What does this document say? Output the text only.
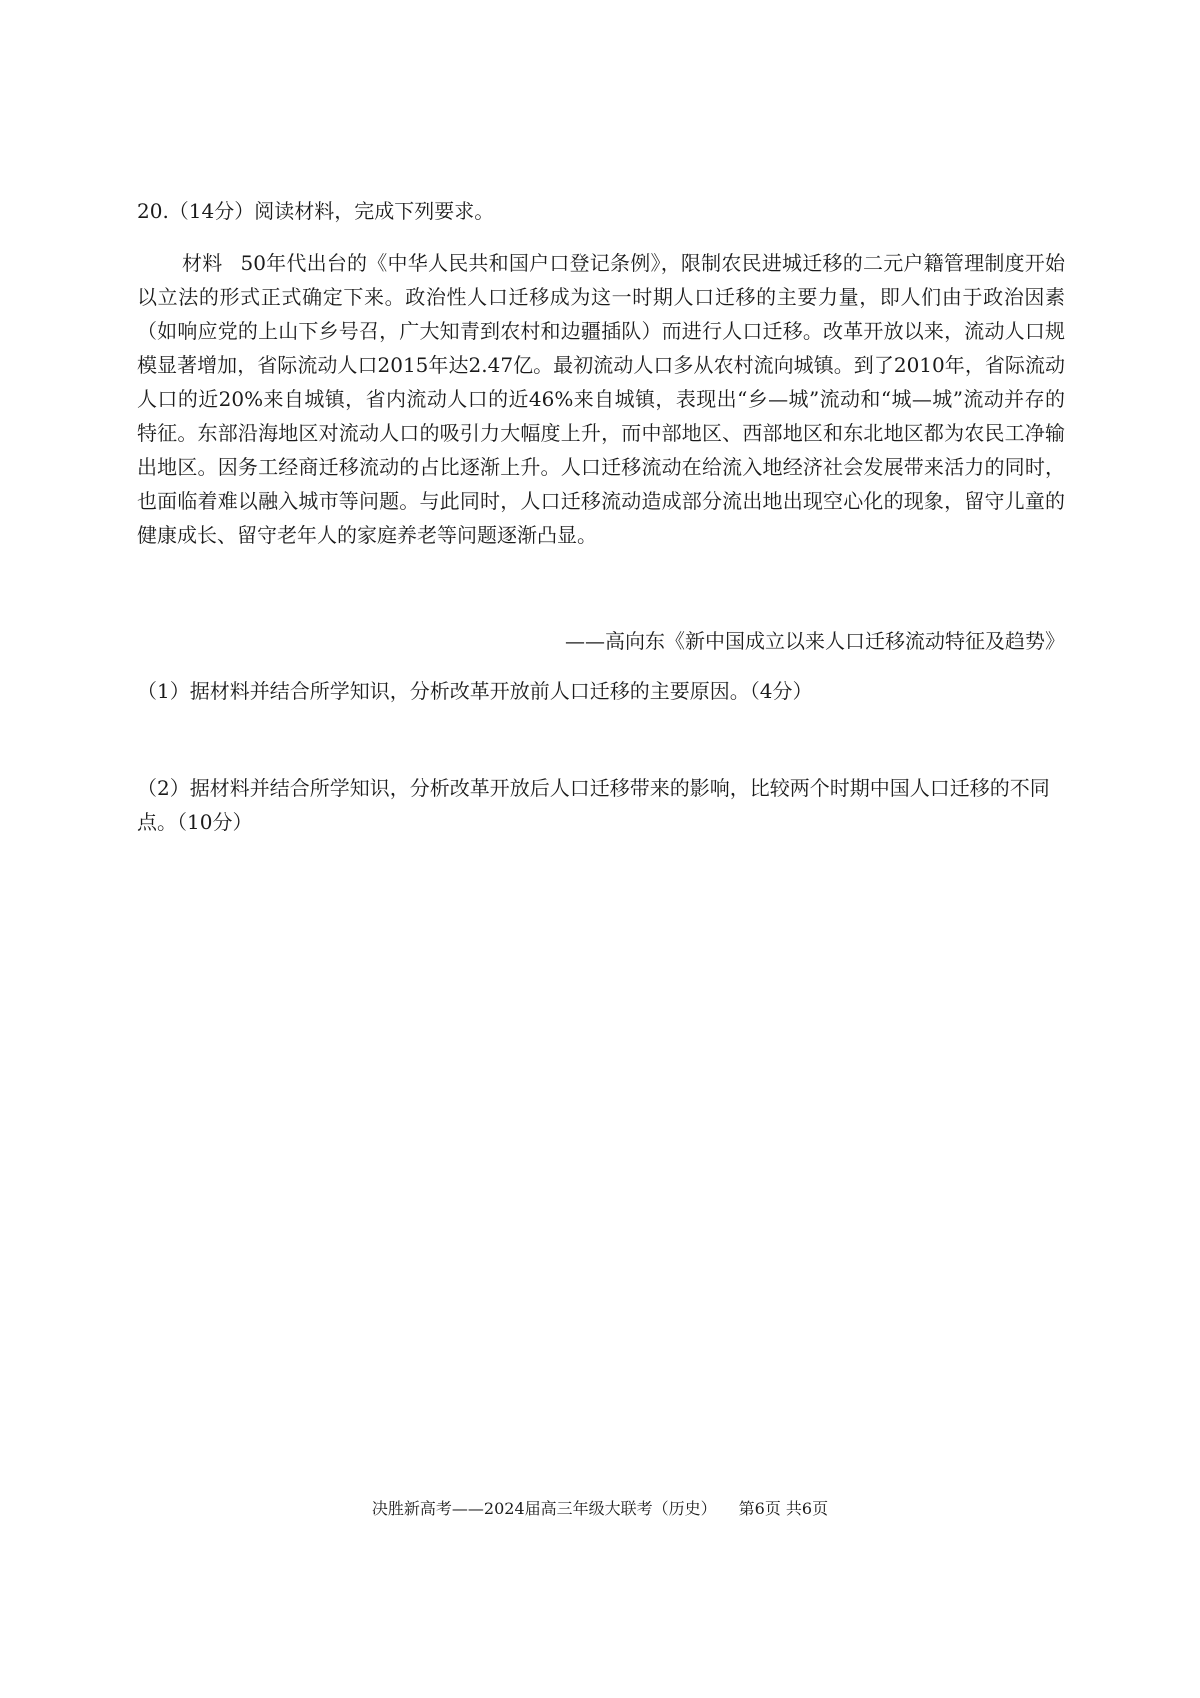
20.（14分）阅读材料，完成下列要求。

材料 50年代出台的《中华人民共和国户口登记条例》，限制农民进城迁移的二元户籍管理制度开始以立法的形式正式确定下来。政治性人口迁移成为这一时期人口迁移的主要力量，即人们由于政治因素（如响应党的上山下乡号召，广大知青到农村和边疆插队）而进行人口迁移。改革开放以来，流动人口规模显著增加，省际流动人口2015年达2.47亿。最初流动人口多从农村流向城镇。到了2010年，省际流动人口的近20%来自城镇，省内流动人口的近46%来自城镇，表现出“乡—城”流动和“城—城”流动并存的特征。东部沿海地区对流动人口的吸引力大幅度上升，而中部地区、西部地区和东北地区都为农民工净输出地区。因务工经商迁移流动的占比逐渐上升。人口迁移流动在给流入地经济社会发展带来活力的同时，也面临着难以融入城市等问题。与此同时，人口迁移流动造成部分流出地出现空心化的现象，留守儿童的健康成长、留守老年人的家庭养老等问题逐渐凸显。

——高向东《新中国成立以来人口迁移流动特征及趋势》

（1）据材料并结合所学知识，分析改革开放前人口迁移的主要原因。（4分）

（2）据材料并结合所学知识，分析改革开放后人口迁移带来的影响，比较两个时期中国人口迁移的不同点。（10分）

决胜新高考——2024届高三年级大联考（历史） 第6页 共6页
